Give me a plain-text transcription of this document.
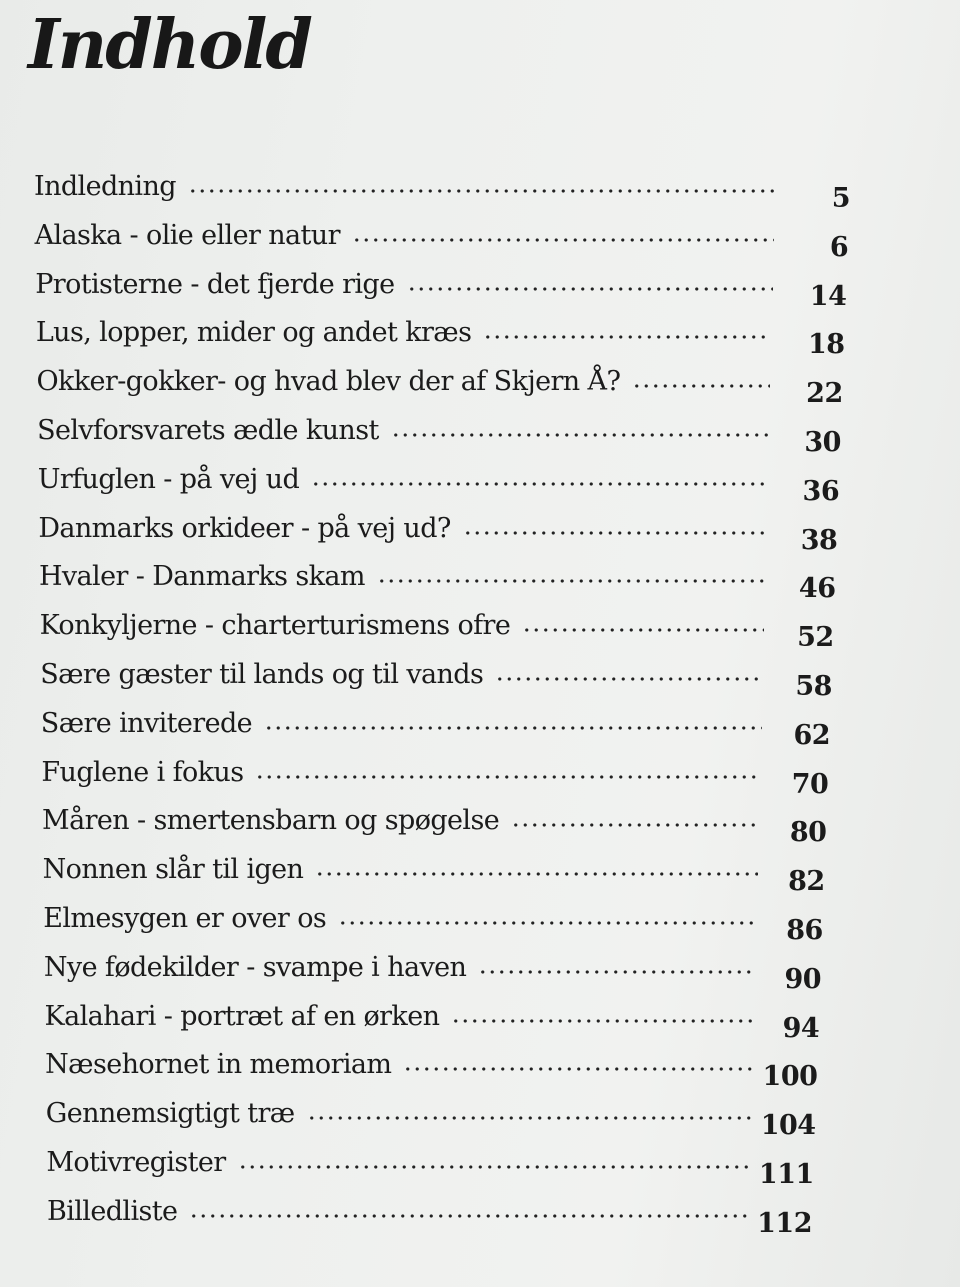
Indhold
Indledning	5
Alaska - olie eller natur	6
Protisterne - det fjerde rige	14
Lus, lopper, mider og andet kræs	18
Okker-gokker- og hvad blev der af Skjern Å?	22
Selvforsvarets ædle kunst	30
Urfuglen - på vej ud	36
Danmarks orkideer - på vej ud?	38
Hvaler - Danmarks skam	46
Konkyljerne - charterturismens ofre	52
Sære gæster til lands og til vands	58
Sære inviterede	62
Fuglene i fokus	70
Måren - smertensbarn og spøgelse	80
Nonnen slår til igen	82
Elmesygen er over os	86
Nye fødekilder - svampe i haven	90
Kalahari - portræt af en ørken	94
Næsehornet in memoriam	100
Gennemsigtigt træ	104
Motivregister	111
Billedliste	112
